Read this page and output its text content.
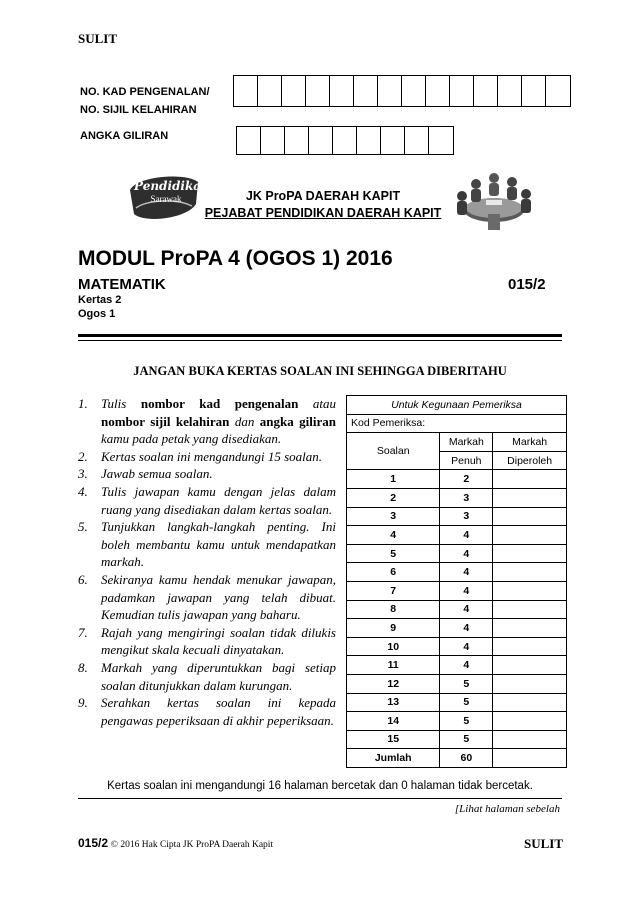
SULIT
NO. KAD PENGENALAN/
NO. SIJIL KELAHIRAN
ANGKA GILIRAN
Pendidikan
Sarawak	JK ProPA DAERAH KAPIT
PEJABAT PENDIDIKAN DAERAH KAPIT
MODUL ProPA 4 (OGOS 1) 2016
MATEMATIK	015/2
Kertas 2
Ogos 1
JANGAN BUKA KERTAS SOALAN INI SEHINGGA DIBERITAHU
1. Tulis nombor kad pengenalan atau nombor sijil kelahiran dan angka giliran kamu pada petak yang disediakan.
2. Kertas soalan ini mengandungi 15 soalan.
3. Jawab semua soalan.
4. Tulis jawapan kamu dengan jelas dalam ruang yang disediakan dalam kertas soalan.
5. Tunjukkan langkah-langkah penting. Ini boleh membantu kamu untuk mendapatkan markah.
6. Sekiranya kamu hendak menukar jawapan, padamkan jawapan yang telah dibuat. Kemudian tulis jawapan yang baharu.
7. Rajah yang mengiringi soalan tidak dilukis mengikut skala kecuali dinyatakan.
8. Markah yang diperuntukkan bagi setiap soalan ditunjukkan dalam kurungan.
9. Serahkan kertas soalan ini kepada pengawas peperiksaan di akhir peperiksaan.
Untuk Kegunaan Pemeriksa		
Kod Pemeriksa:		
Soalan	Markah	Markah
	Penuh	Diperoleh
1	2	
2	3	
3	3	
4	4	
5	4	
6	4	
7	4	
8	4	
9	4	
10	4	
11	4	
12	5	
13	5	
14	5	
15	5	
Jumlah	60	
Kertas soalan ini mengandungi 16 halaman bercetak dan 0 halaman tidak bercetak.
[Lihat halaman sebelah
015/2 © 2016 Hak Cipta JK ProPA Daerah Kapit	SULIT
